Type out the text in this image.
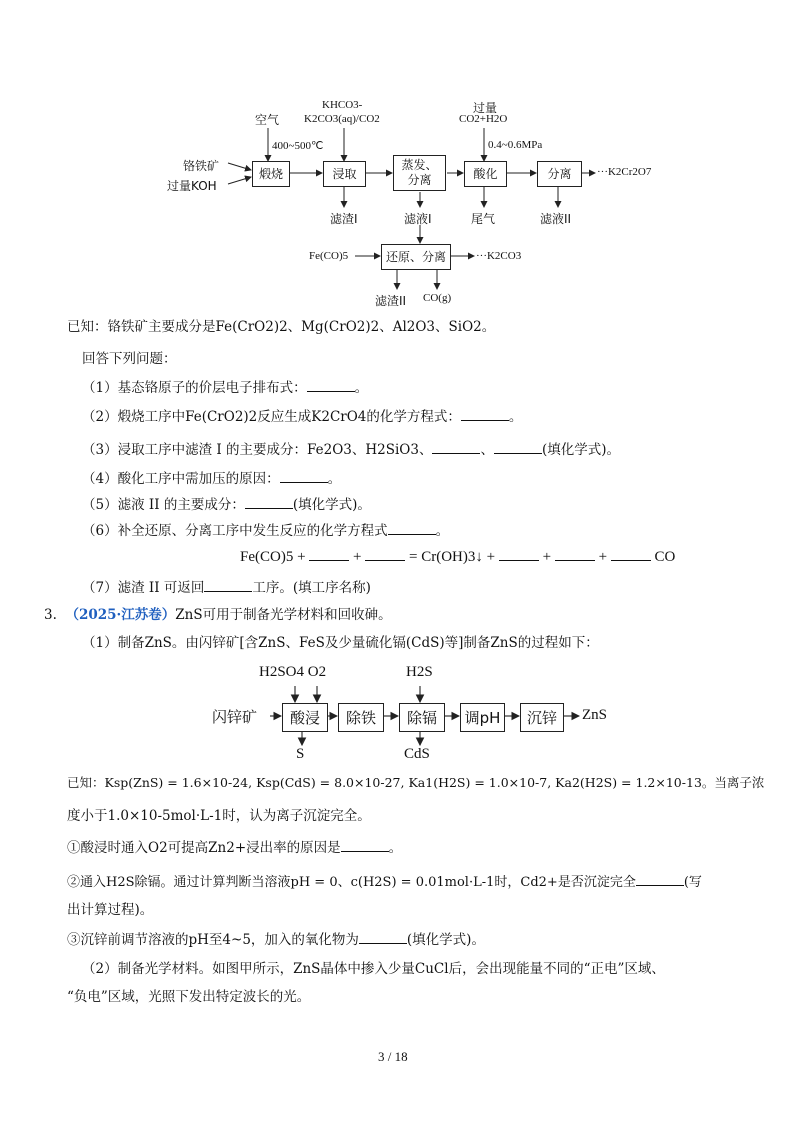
空气
KHCO3-
K2CO3(aq)/CO2
过量
CO2+H2O
400~500℃	0.4~0.6MPa
铬铁矿
过量KOH
煅烧	浸取
蒸发、分离	酸化	分离	···K2Cr2O7
滤渣I	滤液I	尾气	滤液II
Fe(CO)5	还原、分离	···K2CO3
滤渣II CO(g)
已知：铬铁矿主要成分是Fe(CrO2)2、Mg(CrO2)2、Al2O3、SiO2。
回答下列问题：
（1）基态铬原子的价层电子排布式：	。
（2）煅烧工序中Fe(CrO2)2反应生成K2CrO4的化学方程式：	。
（3）浸取工序中滤渣 I 的主要成分：Fe2O3、H2SiO3、	、	(填化学式)。
（4）酸化工序中需加压的原因：	。
（5）滤液 II 的主要成分：	(填化学式)。
（6）补全还原、分离工序中发生反应的化学方程式	。
Fe(CO)5 +	+	= Cr(OH)3↓ +	+	+	CO
（7）滤渣 II 可返回	工序。(填工序名称)
3. （2025·江苏卷）ZnS可用于制备光学材料和回收砷。
（1）制备ZnS。由闪锌矿[含ZnS、FeS及少量硫化镉(CdS)等]制备ZnS的过程如下：
H2SO4 O2	H2S
闪锌矿	酸浸	除铁	除镉	调pH	沉锌	ZnS
S	CdS
已知：Ksp(ZnS) = 1.6×10-24, Ksp(CdS) = 8.0×10-27, Ka1(H2S) = 1.0×10-7, Ka2(H2S) = 1.2×10-13。当离子浓
度小于1.0×10-5mol·L-1时，认为离子沉淀完全。
①酸浸时通入O2可提高Zn2+浸出率的原因是	。
②通入H2S除镉。通过计算判断当溶液pH = 0、c(H2S) = 0.01mol·L-1时，Cd2+是否沉淀完全	(写
出计算过程)。
③沉锌前调节溶液的pH至4~5，加入的氧化物为	(填化学式)。
（2）制备光学材料。如图甲所示，ZnS晶体中掺入少量CuCl后，会出现能量不同的“正电”区域、
“负电”区域，光照下发出特定波长的光。
3 / 18
